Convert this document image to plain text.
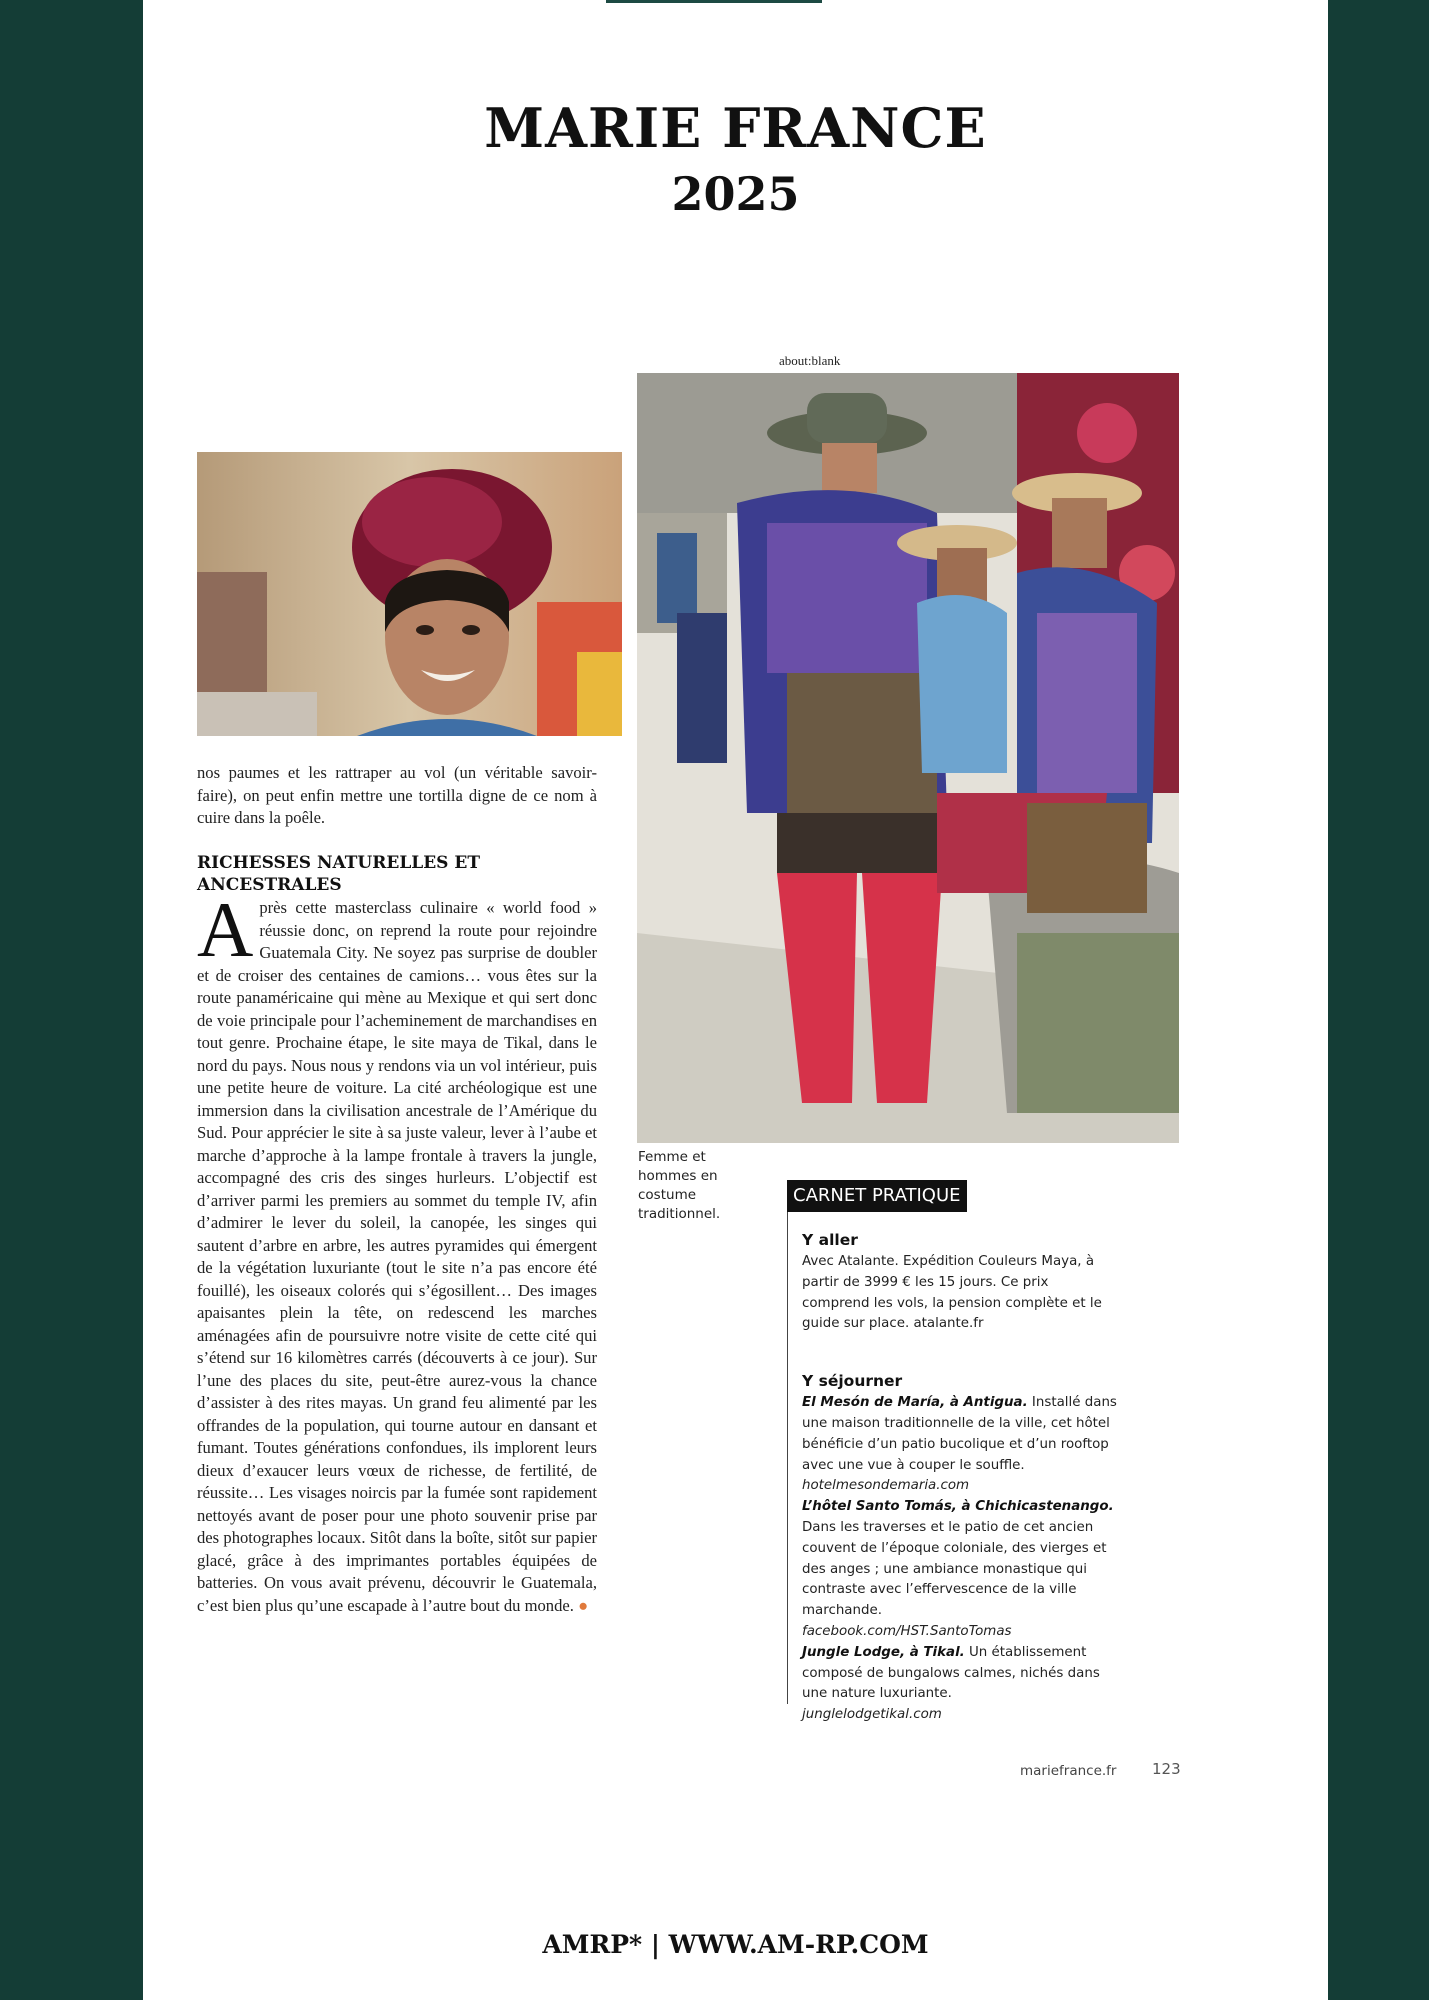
MARIE FRANCE
2025
about:blank
Femme et hommes en costume traditionnel.
nos paumes et les rattraper au vol (un véritable savoir-faire), on peut enfin mettre une tortilla digne de ce nom à cuire dans la poêle.
RICHESSES NATURELLES ET ANCESTRALES
Après cette masterclass culinaire « world food » réussie donc, on reprend la route pour rejoindre Guatemala City. Ne soyez pas surprise de doubler et de croiser des centaines de camions… vous êtes sur la route panaméricaine qui mène au Mexique et qui sert donc de voie principale pour l’acheminement de marchandises en tout genre. Prochaine étape, le site maya de Tikal, dans le nord du pays. Nous nous y rendons via un vol intérieur, puis une petite heure de voiture. La cité archéologique est une immersion dans la civilisation ancestrale de l’Amérique du Sud. Pour apprécier le site à sa juste valeur, lever à l’aube et marche d’approche à la lampe frontale à travers la jungle, accompagné des cris des singes hurleurs. L’objectif est d’arriver parmi les premiers au sommet du temple IV, afin d’admirer le lever du soleil, la canopée, les singes qui sautent d’arbre en arbre, les autres pyramides qui émergent de la végétation luxuriante (tout le site n’a pas encore été fouillé), les oiseaux colorés qui s’égosillent… Des images apaisantes plein la tête, on redescend les marches aménagées afin de poursuivre notre visite de cette cité qui s’étend sur 16 kilomètres carrés (découverts à ce jour). Sur l’une des places du site, peut-être aurez-vous la chance d’assister à des rites mayas. Un grand feu alimenté par les offrandes de la population, qui tourne autour en dansant et fumant. Toutes générations confondues, ils implorent leurs dieux d’exaucer leurs vœux de richesse, de fertilité, de réussite… Les visages noircis par la fumée sont rapidement nettoyés avant de poser pour une photo souvenir prise par des photographes locaux. Sitôt dans la boîte, sitôt sur papier glacé, grâce à des imprimantes portables équipées de batteries. On vous avait prévenu, découvrir le Guatemala, c’est bien plus qu’une escapade à l’autre bout du monde. ●
CARNET PRATIQUE
Y aller

Avec Atalante. Expédition Couleurs Maya, à partir de 3999 € les 15 jours. Ce prix comprend les vols, la pension complète et le guide sur place. atalante.fr

Y séjourner

El Mesón de María, à Antigua. Installé dans une maison traditionnelle de la ville, cet hôtel bénéficie d’un patio bucolique et d’un rooftop avec une vue à couper le souffle.

hotelmesondemaria.com

L’hôtel Santo Tomás, à Chichicastenango. Dans les traverses et le patio de cet ancien couvent de l’époque coloniale, des vierges et des anges ; une ambiance monastique qui contraste avec l’effervescence de la ville marchande.

facebook.com/HST.SantoTomas

Jungle Lodge, à Tikal. Un établissement composé de bungalows calmes, nichés dans une nature luxuriante.

junglelodgetikal.com

mariefrance.fr 123
AMRP* | WWW.AM-RP.COM
